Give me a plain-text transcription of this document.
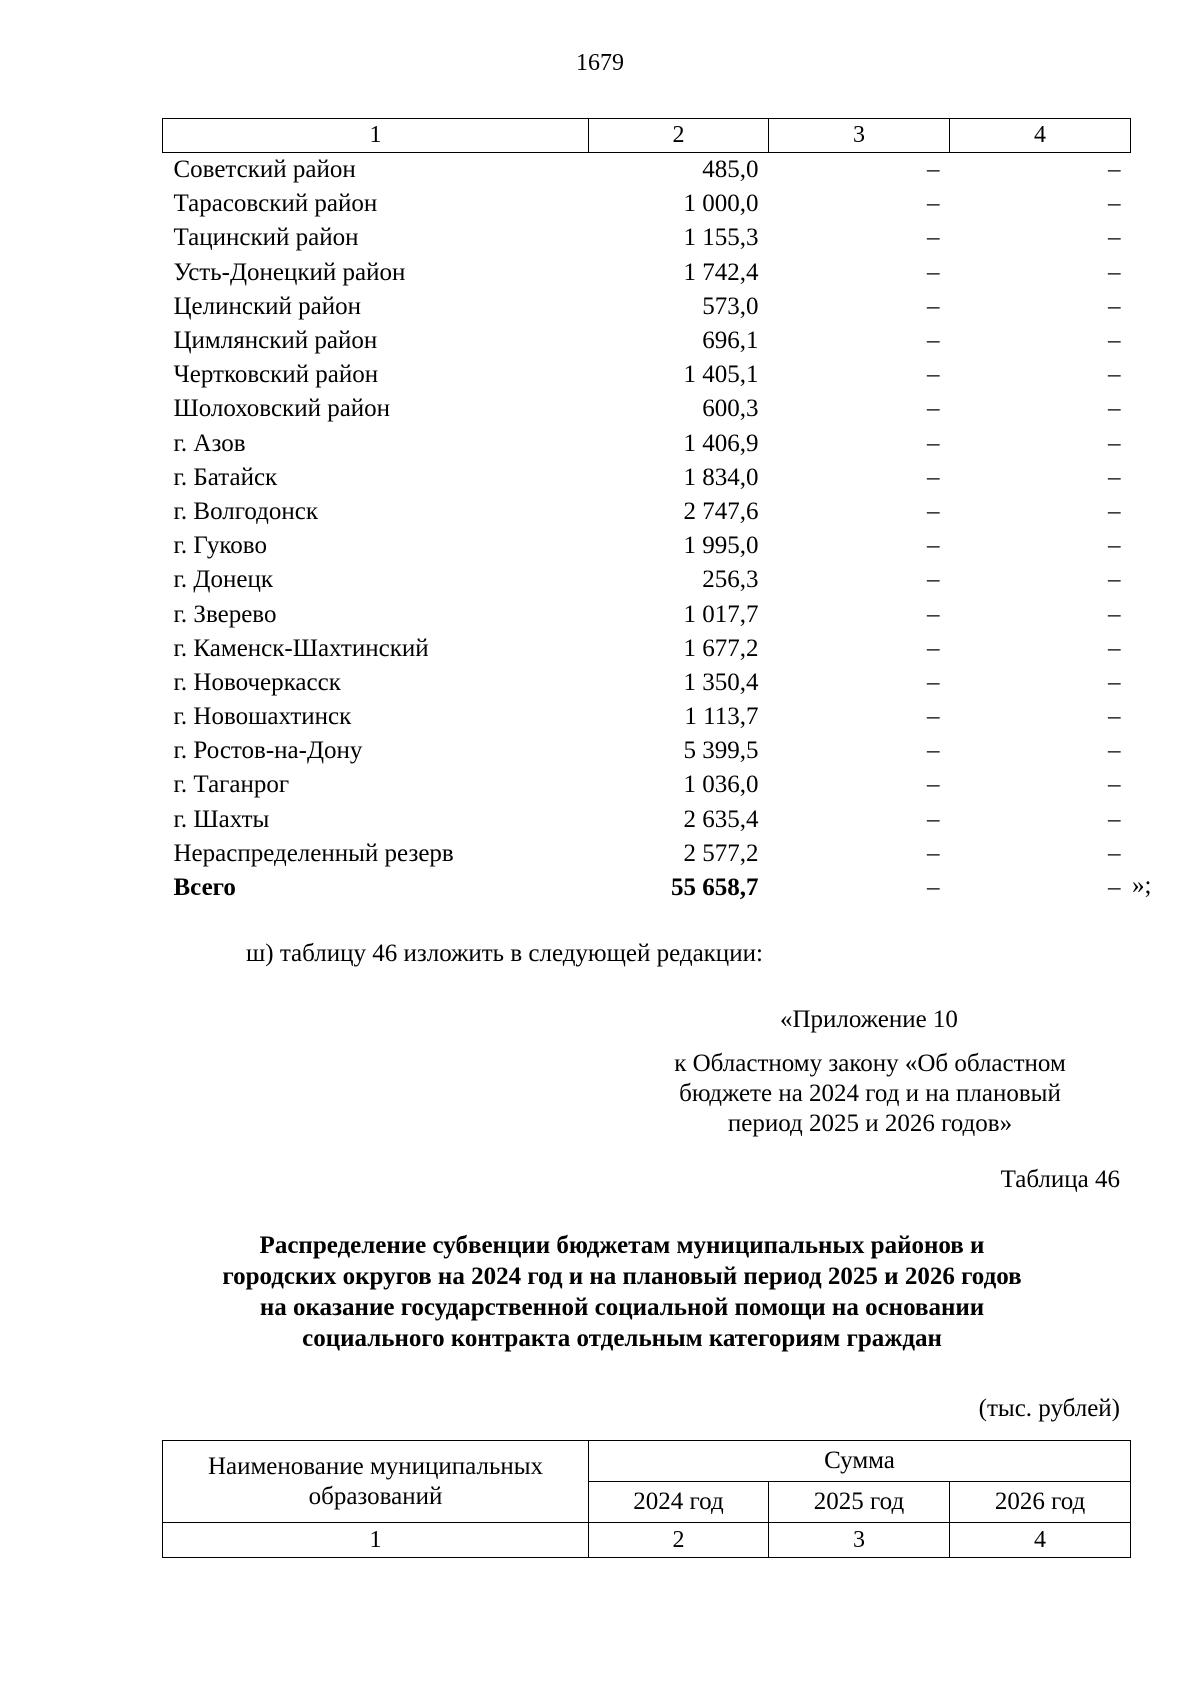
1679
1	2	3	4
Советский район	485,0	–	–
Тарасовский район	1 000,0	–	–
Тацинский район	1 155,3	–	–
Усть-Донецкий район	1 742,4	–	–
Целинский район	573,0	–	–
Цимлянский район	696,1	–	–
Чертковский район	1 405,1	–	–
Шолоховский район	600,3	–	–
г. Азов	1 406,9	–	–
г. Батайск	1 834,0	–	–
г. Волгодонск	2 747,6	–	–
г. Гуково	1 995,0	–	–
г. Донецк	256,3	–	–
г. Зверево	1 017,7	–	–
г. Каменск-Шахтинский	1 677,2	–	–
г. Новочеркасск	1 350,4	–	–
г. Новошахтинск	1 113,7	–	–
г. Ростов-на-Дону	5 399,5	–	–
г. Таганрог	1 036,0	–	–
г. Шахты	2 635,4	–	–
Нераспределенный резерв	2 577,2	–	–
Всего	55 658,7	–	– »;
ш) таблицу 46 изложить в следующей редакции:
«Приложение 10
к Областному закону «Об областном
бюджете на 2024 год и на плановый
период 2025 и 2026 годов»
Таблица 46
Распределение субвенции бюджетам муниципальных районов и
городских округов на 2024 год и на плановый период 2025 и 2026 годов
на оказание государственной социальной помощи на основании
социального контракта отдельным категориям граждан
(тыс. рублей)
Наименование муниципальных
образований	Сумма		
	2024 год	2025 год	2026 год
1	2	3	4
